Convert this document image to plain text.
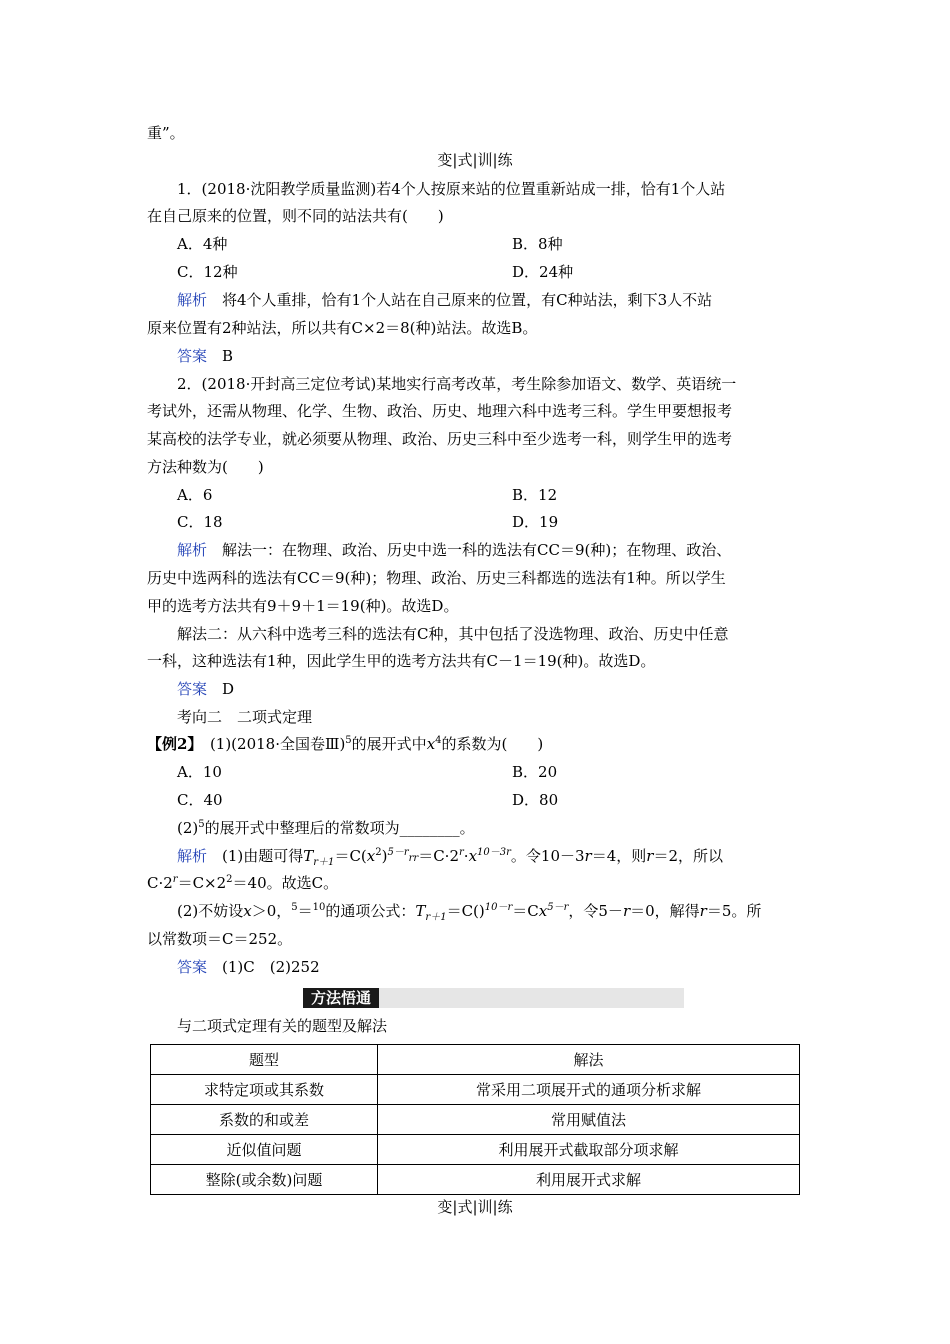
重”。
变|式|训|练
1．(2018·沈阳教学质量监测)若4个人按原来站的位置重新站成一排，恰有1个人站
在自己原来的位置，则不同的站法共有(　　)
A．4种	B．8种
C．12种	D．24种
解析　将4个人重排，恰有1个人站在自己原来的位置，有C种站法，剩下3人不站
原来位置有2种站法，所以共有C×2＝8(种)站法。故选B。
答案　B
2．(2018·开封高三定位考试)某地实行高考改革，考生除参加语文、数学、英语统一
考试外，还需从物理、化学、生物、政治、历史、地理六科中选考三科。学生甲要想报考
某高校的法学专业，就必须要从物理、政治、历史三科中至少选考一科，则学生甲的选考
方法种数为(　　)
A．6	B．12
C．18	D．19
解析　解法一：在物理、政治、历史中选一科的选法有CC＝9(种)；在物理、政治、
历史中选两科的选法有CC＝9(种)；物理、政治、历史三科都选的选法有1种。所以学生
甲的选考方法共有9＋9＋1＝19(种)。故选D。
解法二：从六科中选考三科的选法有C种，其中包括了没选物理、政治、历史中任意
一科，这种选法有1种，因此学生甲的选考方法共有C－1＝19(种)。故选D。
答案　D
考向二　二项式定理
【例2】　(1)(2018·全国卷Ⅲ)$^5$的展开式中$x^4$的系数为(　　)
A．10	B．20
C．40	D．80
$(2)^5$的展开式中整理后的常数项为________。
解析　(1)由题可得$T_{r+1}=C(x^2)^{5-r}rr=C\cdot 2^r\cdot x^{10-3r}$。令10－3r＝4，则r＝2，所以
$C\cdot 2^r=C\times 2^2=40$。故选C。
(2)不妨设x＞0，$^5$＝$^{10}$的通项公式：$T_{r+1}=C()^{10-r}=Cx^{5-r}$，令5－r＝0，解得r＝5。所
以常数项＝C＝252。
答案　(1)C　(2)252
方法悟通
与二项式定理有关的题型及解法
题型	解法
求特定项或其系数	常采用二项展开式的通项分析求解
系数的和或差	常用赋值法
近似值问题	利用展开式截取部分项求解
整除(或余数)问题	利用展开式求解
变|式|训|练
